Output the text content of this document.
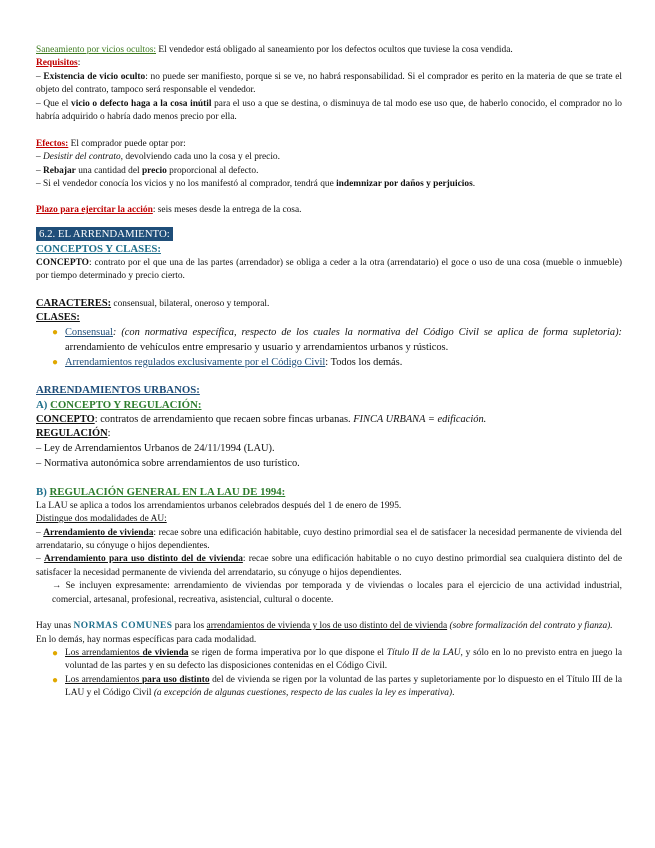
Saneamiento por vicios ocultos: El vendedor está obligado al saneamiento por los defectos ocultos que tuviese la cosa vendida.

Requisitos:

– Existencia de vicio oculto: no puede ser manifiesto, porque si se ve, no habrá responsabilidad. Si el comprador es perito en la materia de que se trate el objeto del contrato, tampoco será responsable el vendedor.

– Que el vicio o defecto haga a la cosa inútil para el uso a que se destina, o disminuya de tal modo ese uso que, de haberlo conocido, el comprador no lo habría adquirido o habría dado menos precio por ella.

Efectos: El comprador puede optar por:

– Desistir del contrato, devolviendo cada uno la cosa y el precio.

– Rebajar una cantidad del precio proporcional al defecto.

– Si el vendedor conocía los vicios y no los manifestó al comprador, tendrá que indemnizar por daños y perjuicios.

Plazo para ejercitar la acción: seis meses desde la entrega de la cosa.

6.2. EL ARRENDAMIENTO:

CONCEPTOS Y CLASES:

CONCEPTO: contrato por el que una de las partes (arrendador) se obliga a ceder a la otra (arrendatario) el goce o uso de una cosa (mueble o inmueble) por tiempo determinado y precio cierto.

CARACTERES: consensual, bilateral, oneroso y temporal.

CLASES:

● Consensual: (con normativa específica, respecto de los cuales la normativa del Código Civil se aplica de forma supletoria): arrendamiento de vehículos entre empresario y usuario y arrendamientos urbanos y rústicos.
● Arrendamientos regulados exclusivamente por el Código Civil: Todos los demás.

ARRENDAMIENTOS URBANOS:

A) CONCEPTO Y REGULACIÓN:

CONCEPTO: contratos de arrendamiento que recaen sobre fincas urbanas. FINCA URBANA = edificación.

REGULACIÓN:

– Ley de Arrendamientos Urbanos de 24/11/1994 (LAU).

– Normativa autonómica sobre arrendamientos de uso turístico.

B) REGULACIÓN GENERAL EN LA LAU DE 1994:

La LAU se aplica a todos los arrendamientos urbanos celebrados después del 1 de enero de 1995.

Distingue dos modalidades de AU:

– Arrendamiento de vivienda: recae sobre una edificación habitable, cuyo destino primordial sea el de satisfacer la necesidad permanente de vivienda del arrendatario, su cónyuge o hijos dependientes.

– Arrendamiento para uso distinto del de vivienda: recae sobre una edificación habitable o no cuyo destino primordial sea cualquiera distinto del de satisfacer la necesidad permanente de vivienda del arrendatario, su cónyuge o hijos dependientes.

→ Se incluyen expresamente: arrendamiento de viviendas por temporada y de viviendas o locales para el ejercicio de una actividad industrial, comercial, artesanal, profesional, recreativa, asistencial, cultural o docente.

Hay unas NORMAS COMUNES para los arrendamientos de vivienda y los de uso distinto del de vivienda (sobre formalización del contrato y fianza).

En lo demás, hay normas específicas para cada modalidad.

● Los arrendamientos de vivienda se rigen de forma imperativa por lo que dispone el Título II de la LAU, y sólo en lo no previsto entra en juego la voluntad de las partes y en su defecto las disposiciones contenidas en el Código Civil.
● Los arrendamientos para uso distinto del de vivienda se rigen por la voluntad de las partes y supletoriamente por lo dispuesto en el Título III de la LAU y el Código Civil (a excepción de algunas cuestiones, respecto de las cuales la ley es imperativa).
